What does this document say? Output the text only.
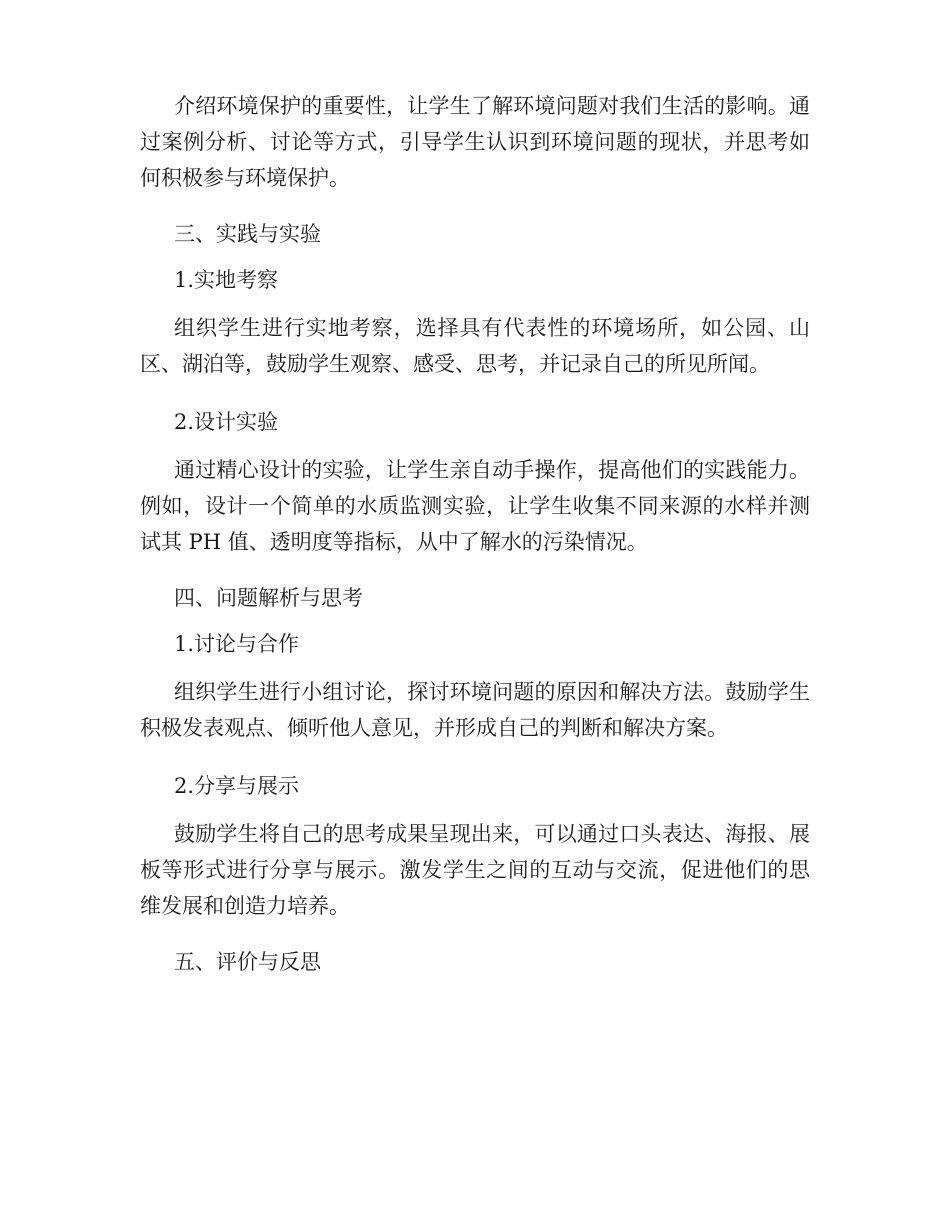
介绍环境保护的重要性，让学生了解环境问题对我们生活的影响。通过案例分析、讨论等方式，引导学生认识到环境问题的现状，并思考如何积极参与环境保护。

三、实践与实验

1.实地考察

组织学生进行实地考察，选择具有代表性的环境场所，如公园、山区、湖泊等，鼓励学生观察、感受、思考，并记录自己的所见所闻。

2.设计实验

通过精心设计的实验，让学生亲自动手操作，提高他们的实践能力。例如，设计一个简单的水质监测实验，让学生收集不同来源的水样并测试其 PH 值、透明度等指标，从中了解水的污染情况。

四、问题解析与思考

1.讨论与合作

组织学生进行小组讨论，探讨环境问题的原因和解决方法。鼓励学生积极发表观点、倾听他人意见，并形成自己的判断和解决方案。

2.分享与展示

鼓励学生将自己的思考成果呈现出来，可以通过口头表达、海报、展板等形式进行分享与展示。激发学生之间的互动与交流，促进他们的思维发展和创造力培养。

五、评价与反思
